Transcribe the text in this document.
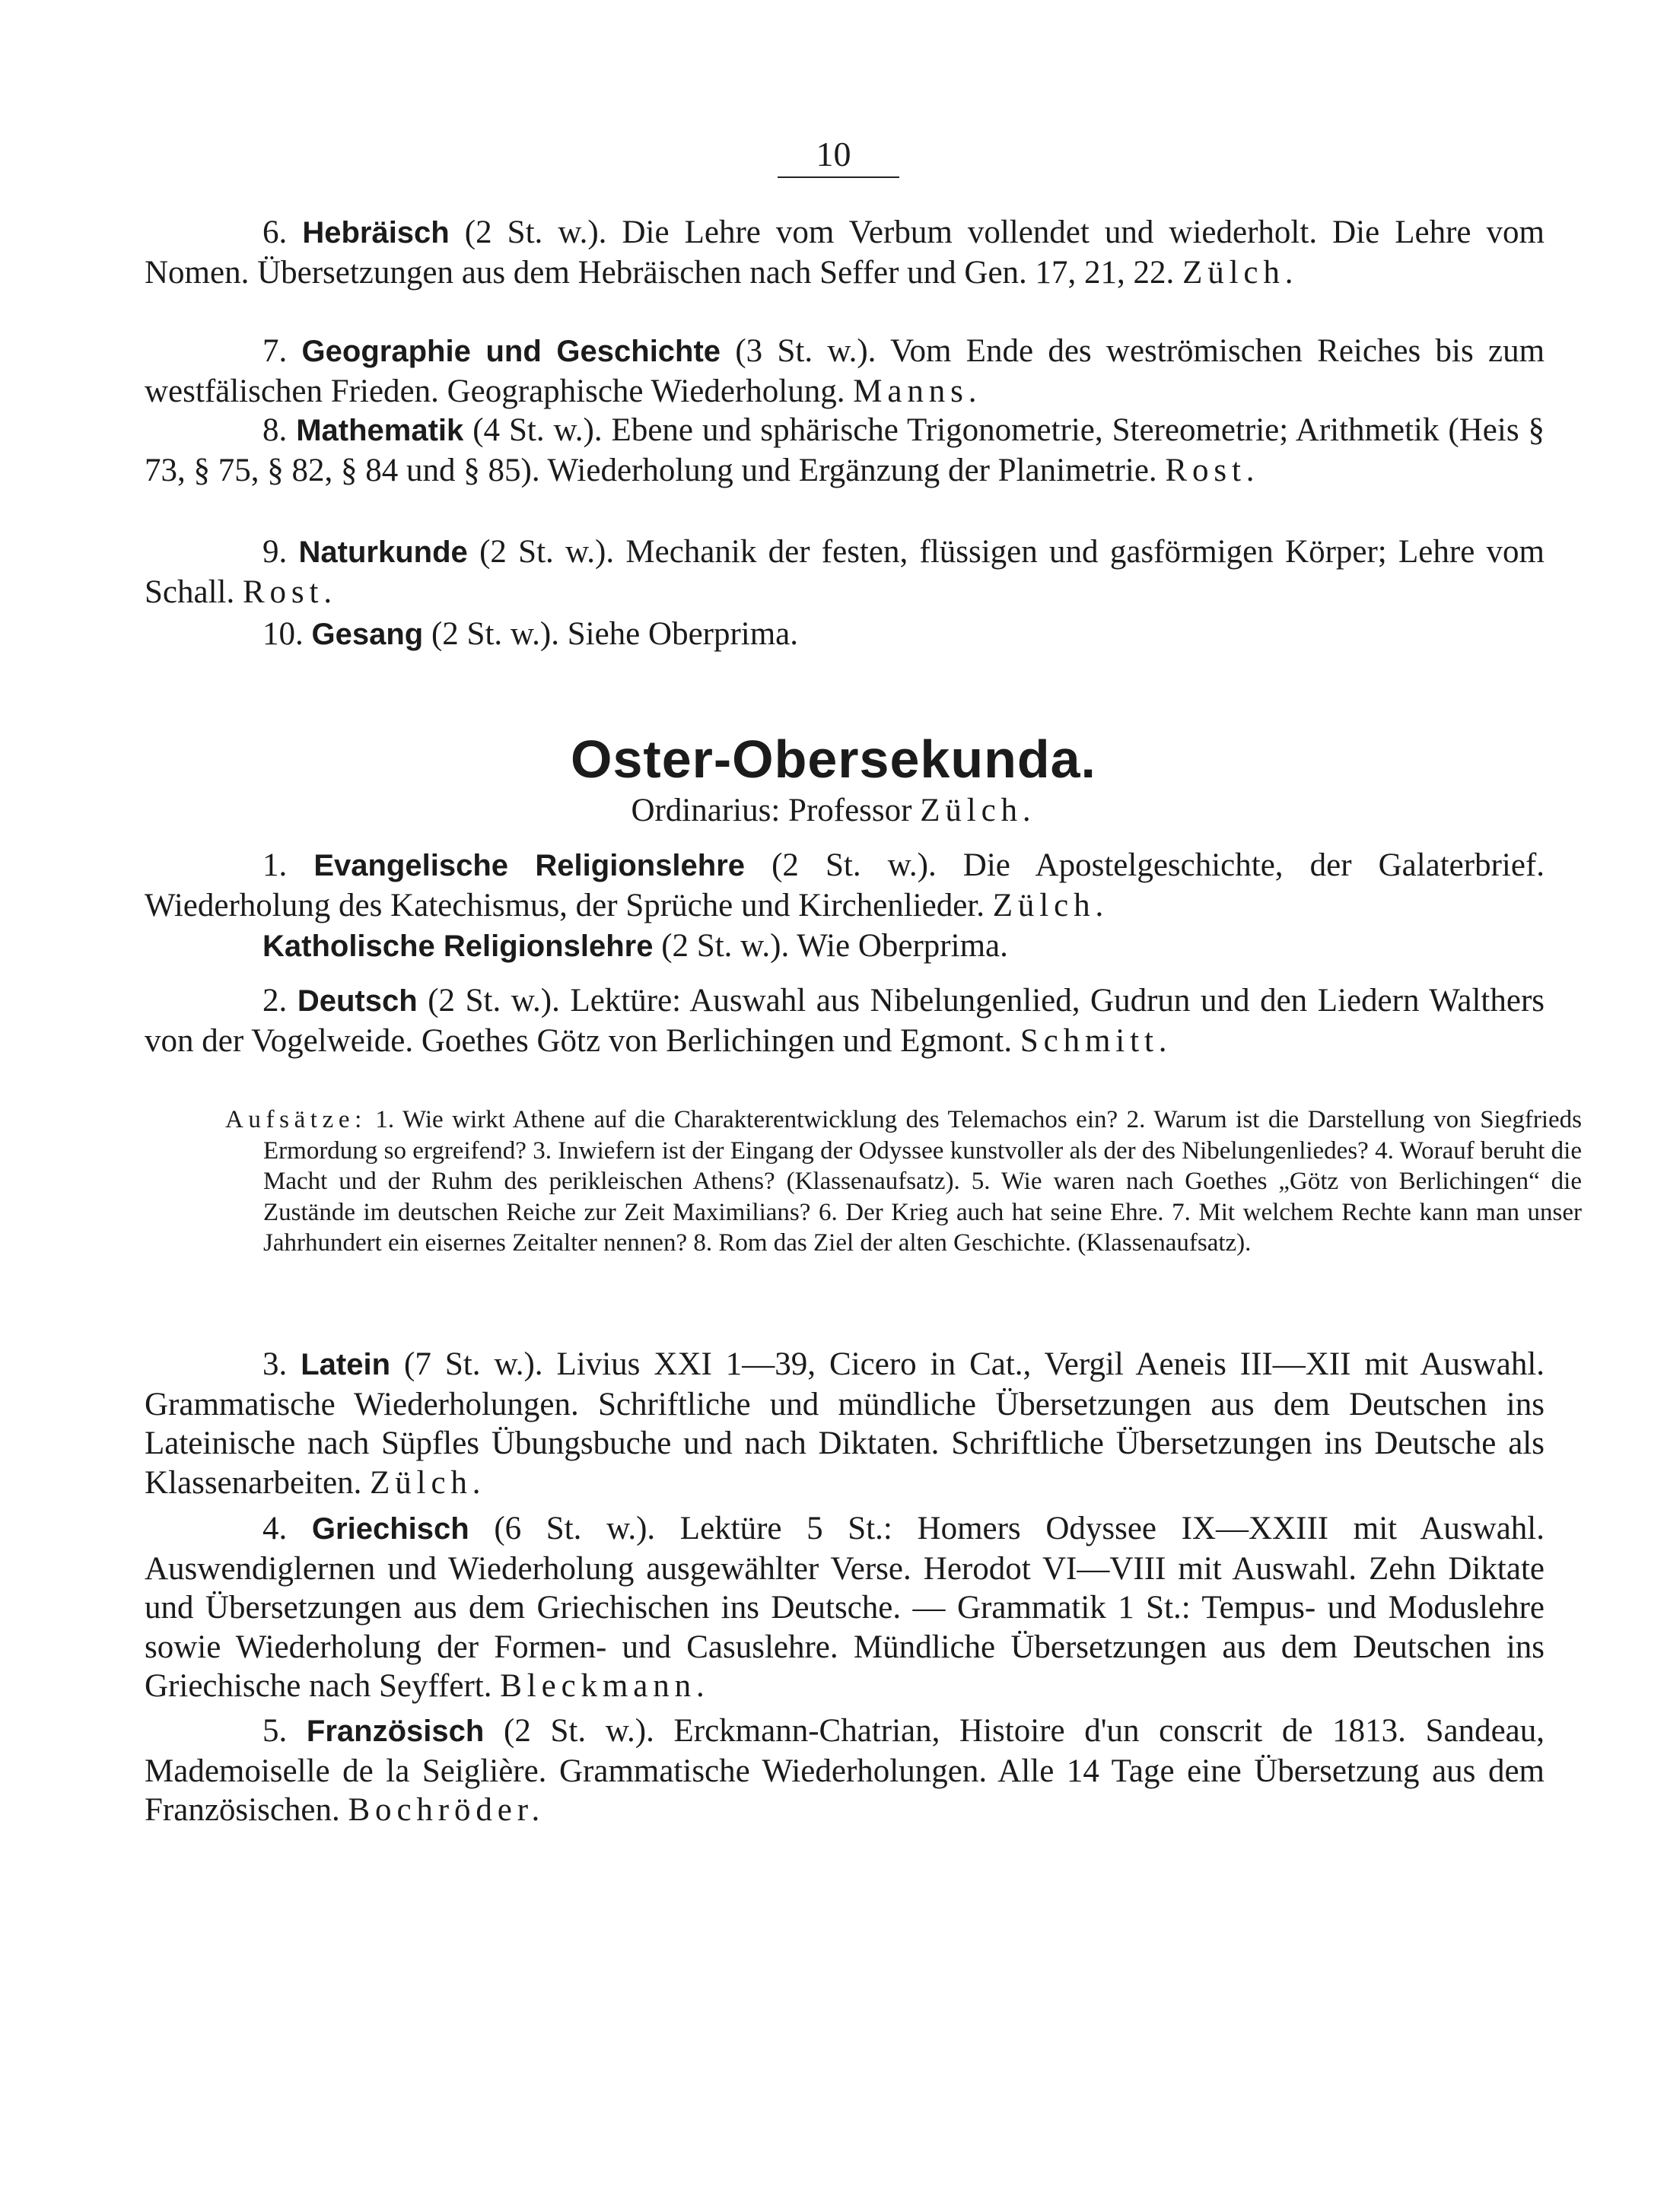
10
6. Hebräisch (2 St. w.). Die Lehre vom Verbum vollendet und wiederholt. Die Lehre vom Nomen. Übersetzungen aus dem Hebräischen nach Seffer und Gen. 17, 21, 22. Zülch.
7. Geographie und Geschichte (3 St. w.). Vom Ende des weströmischen Reiches bis zum westfälischen Frieden. Geographische Wiederholung. Manns.
8. Mathematik (4 St. w.). Ebene und sphärische Trigonometrie, Stereometrie; Arithmetik (Heis § 73, § 75, § 82, § 84 und § 85). Wiederholung und Ergänzung der Planimetrie. Rost.
9. Naturkunde (2 St. w.). Mechanik der festen, flüssigen und gasförmigen Körper; Lehre vom Schall. Rost.
10. Gesang (2 St. w.). Siehe Oberprima.
Oster-Obersekunda.
Ordinarius: Professor Zülch.
1. Evangelische Religionslehre (2 St. w.). Die Apostelgeschichte, der Galaterbrief. Wiederholung des Katechismus, der Sprüche und Kirchenlieder. Zülch.
Katholische Religionslehre (2 St. w.). Wie Oberprima.
2. Deutsch (2 St. w.). Lektüre: Auswahl aus Nibelungenlied, Gudrun und den Liedern Walthers von der Vogelweide. Goethes Götz von Berlichingen und Egmont. Schmitt.
Aufsätze: 1. Wie wirkt Athene auf die Charakterentwicklung des Telemachos ein? 2. Warum ist die Darstellung von Siegfrieds Ermordung so ergreifend? 3. Inwiefern ist der Eingang der Odyssee kunstvoller als der des Nibelungenliedes? 4. Worauf beruht die Macht und der Ruhm des perikleischen Athens? (Klassenaufsatz). 5. Wie waren nach Goethes „Götz von Berlichingen“ die Zustände im deutschen Reiche zur Zeit Maximilians? 6. Der Krieg auch hat seine Ehre. 7. Mit welchem Rechte kann man unser Jahrhundert ein eisernes Zeitalter nennen? 8. Rom das Ziel der alten Geschichte. (Klassenaufsatz).
3. Latein (7 St. w.). Livius XXI 1—39, Cicero in Cat., Vergil Aeneis III—XII mit Auswahl. Grammatische Wiederholungen. Schriftliche und mündliche Übersetzungen aus dem Deutschen ins Lateinische nach Süpfles Übungsbuche und nach Diktaten. Schriftliche Übersetzungen ins Deutsche als Klassenarbeiten. Zülch.
4. Griechisch (6 St. w.). Lektüre 5 St.: Homers Odyssee IX—XXIII mit Auswahl. Auswendiglernen und Wiederholung ausgewählter Verse. Herodot VI—VIII mit Auswahl. Zehn Diktate und Übersetzungen aus dem Griechischen ins Deutsche. — Grammatik 1 St.: Tempus- und Moduslehre sowie Wiederholung der Formen- und Casuslehre. Mündliche Übersetzungen aus dem Deutschen ins Griechische nach Seyffert. Bleckmann.
5. Französisch (2 St. w.). Erckmann-Chatrian, Histoire d'un conscrit de 1813. Sandeau, Mademoiselle de la Seiglière. Grammatische Wiederholungen. Alle 14 Tage eine Übersetzung aus dem Französischen. Bochröder.
